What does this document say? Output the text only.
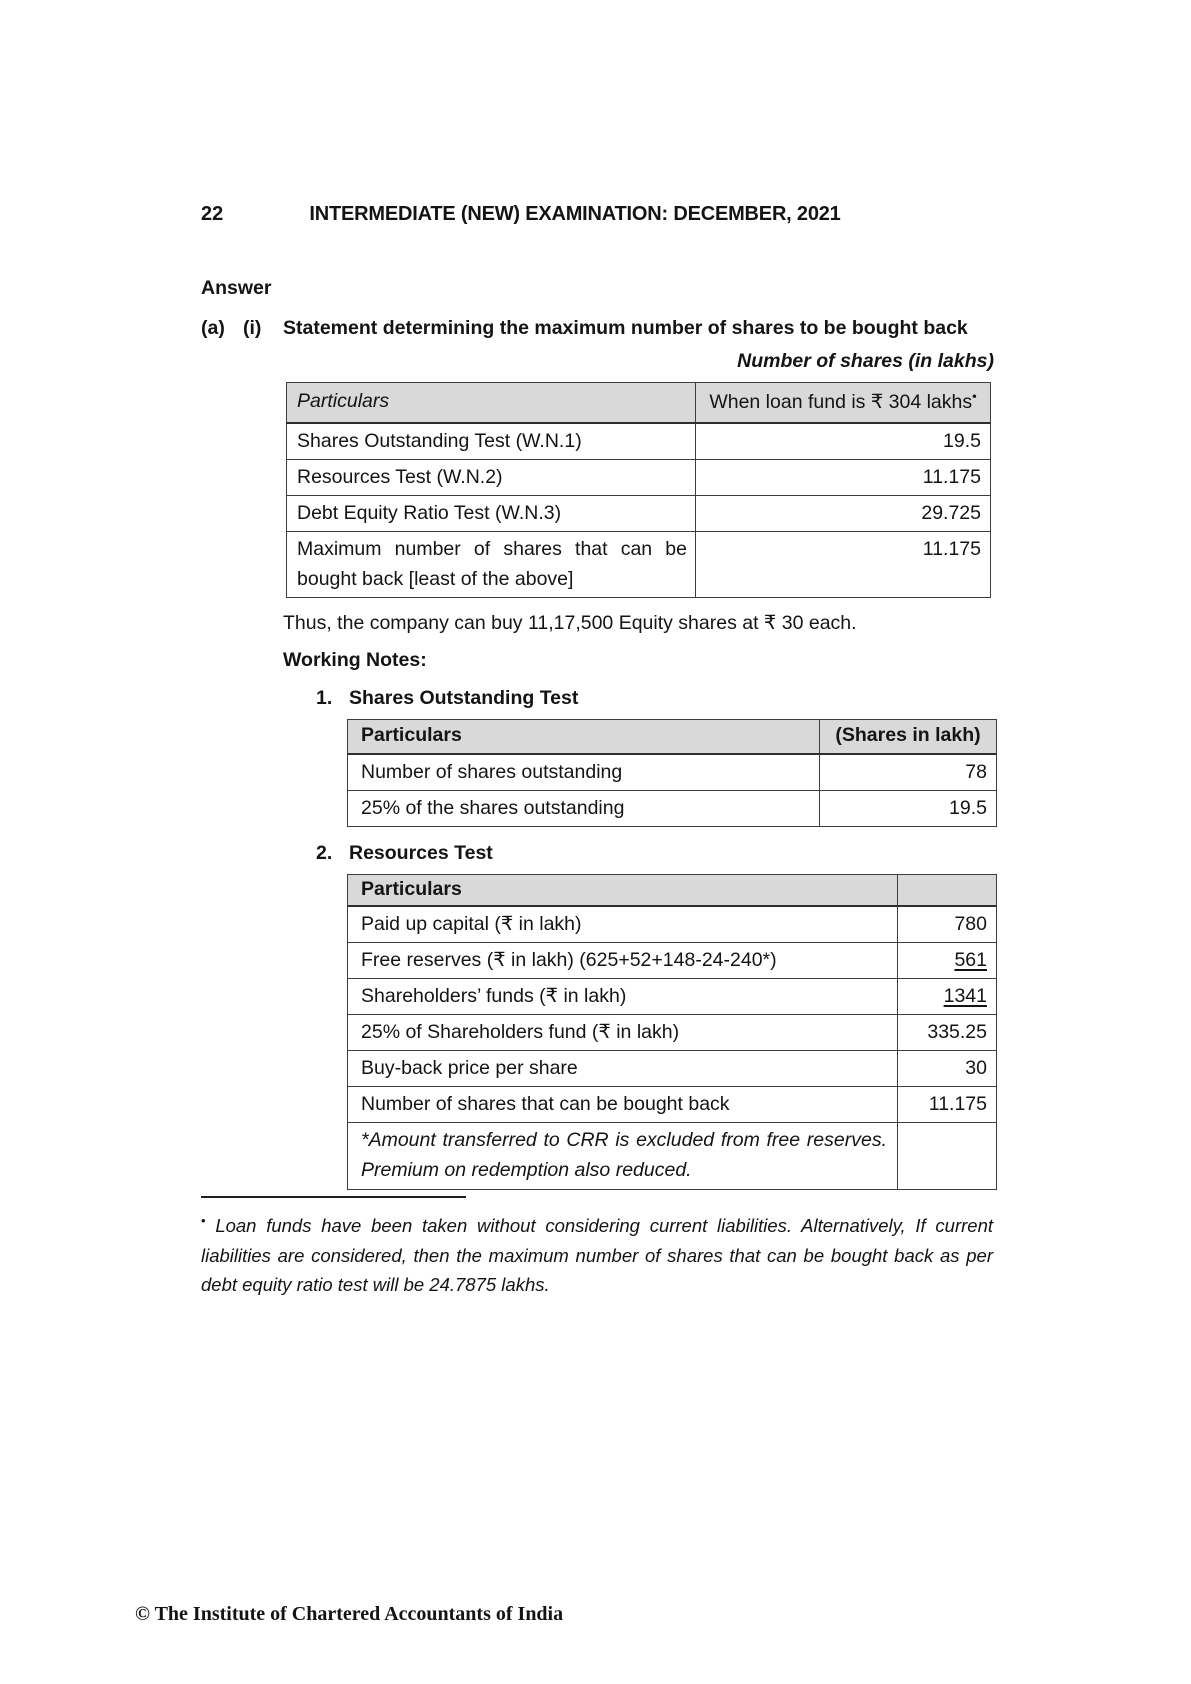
22	INTERMEDIATE (NEW) EXAMINATION: DECEMBER, 2021
Answer
(a) (i)	Statement determining the maximum number of shares to be bought back
Number of shares (in lakhs)
Particulars	When loan fund is ₹ 304 lakhs•
Shares Outstanding Test (W.N.1)	19.5
Resources Test (W.N.2)	11.175
Debt Equity Ratio Test (W.N.3)	29.725
Maximum number of shares that can be bought back [least of the above]	11.175
Thus, the company can buy 11,17,500 Equity shares at ₹ 30 each.
Working Notes:
1. Shares Outstanding Test
Particulars	(Shares in lakh)
Number of shares outstanding	78
25% of the shares outstanding	19.5
2. Resources Test
Particulars	
Paid up capital (₹ in lakh)	780
Free reserves (₹ in lakh) (625+52+148-24-240*)	561
Shareholders’ funds (₹ in lakh)	1341
25% of Shareholders fund (₹ in lakh)	335.25
Buy-back price per share	30
Number of shares that can be bought back	11.175
*Amount transferred to CRR is excluded from free reserves. Premium on redemption also reduced.	
• Loan funds have been taken without considering current liabilities. Alternatively, If current liabilities are considered, then the maximum number of shares that can be bought back as per debt equity ratio test will be 24.7875 lakhs.
© The Institute of Chartered Accountants of India
